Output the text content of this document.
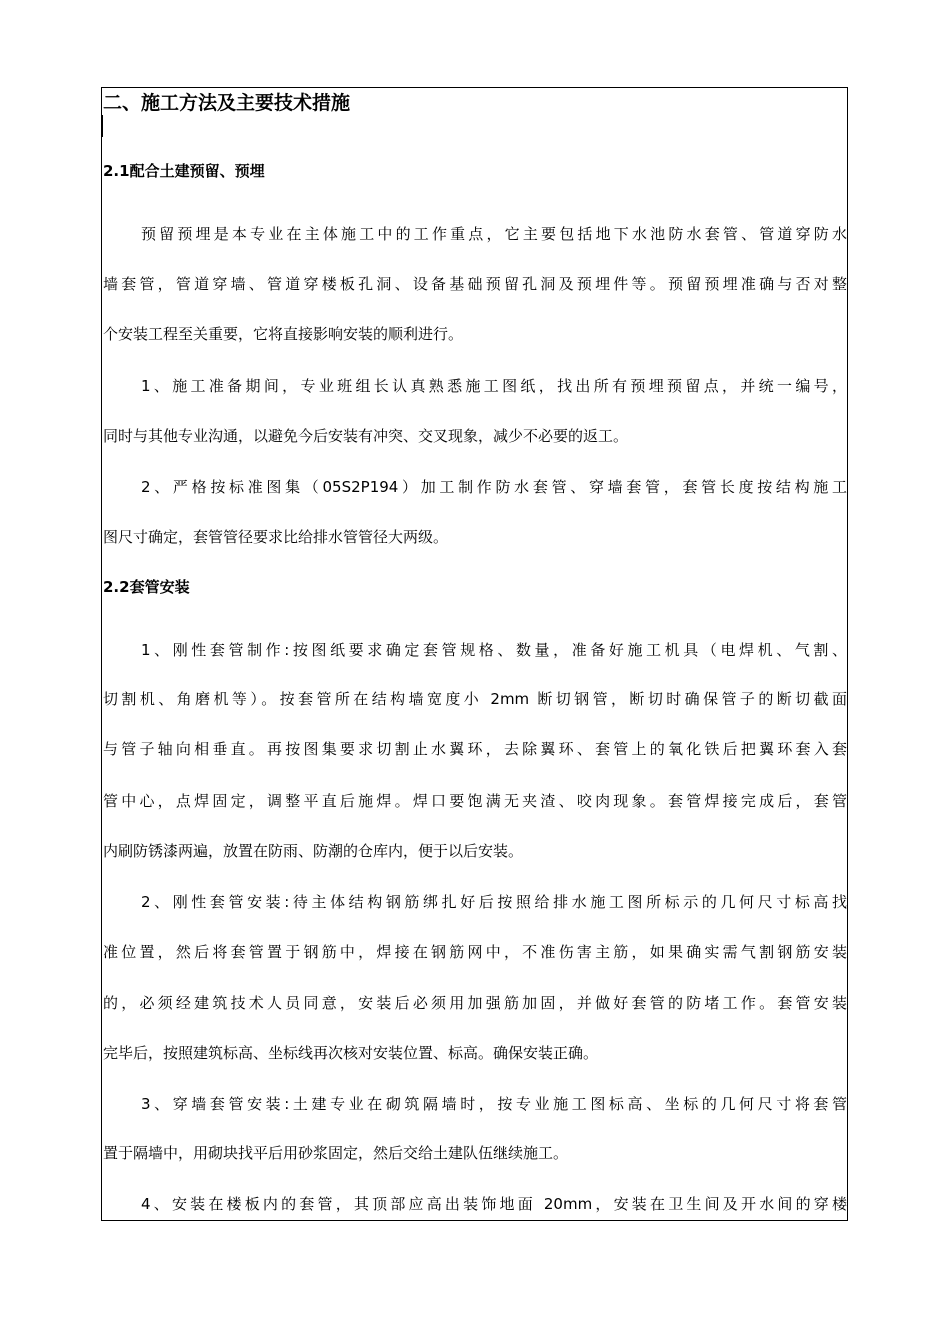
二、施工方法及主要技术措施
2.1配合土建预留、预埋
预留预埋是本专业在主体施工中的工作重点，它主要包括地下水池防水套管、管道穿防水
墙套管，管道穿墙、管道穿楼板孔洞、设备基础预留孔洞及预埋件等。预留预埋准确与否对整
个安装工程至关重要，它将直接影响安装的顺利进行。
1、施工准备期间，专业班组长认真熟悉施工图纸，找出所有预埋预留点，并统一编号，
同时与其他专业沟通，以避免今后安装有冲突、交叉现象，减少不必要的返工。
2、严格按标准图集（05S2P194）加工制作防水套管、穿墙套管，套管长度按结构施工
图尺寸确定，套管管径要求比给排水管管径大两级。
2.2套管安装
1、刚性套管制作:按图纸要求确定套管规格、数量，准备好施工机具（电焊机、气割、
切割机、角磨机等）。按套管所在结构墙宽度小 2mm 断切钢管，断切时确保管子的断切截面
与管子轴向相垂直。再按图集要求切割止水翼环，去除翼环、套管上的氧化铁后把翼环套入套
管中心，点焊固定，调整平直后施焊。焊口要饱满无夹渣、咬肉现象。套管焊接完成后，套管
内刷防锈漆两遍，放置在防雨、防潮的仓库内，便于以后安装。
2、刚性套管安装:待主体结构钢筋绑扎好后按照给排水施工图所标示的几何尺寸标高找
准位置，然后将套管置于钢筋中，焊接在钢筋网中，不准伤害主筋，如果确实需气割钢筋安装
的，必须经建筑技术人员同意，安装后必须用加强筋加固，并做好套管的防堵工作。套管安装
完毕后，按照建筑标高、坐标线再次核对安装位置、标高。确保安装正确。
3、穿墙套管安装:土建专业在砌筑隔墙时，按专业施工图标高、坐标的几何尺寸将套管
置于隔墙中，用砌块找平后用砂浆固定，然后交给土建队伍继续施工。
4、安装在楼板内的套管，其顶部应高出装饰地面 20mm，安装在卫生间及开水间的穿楼
